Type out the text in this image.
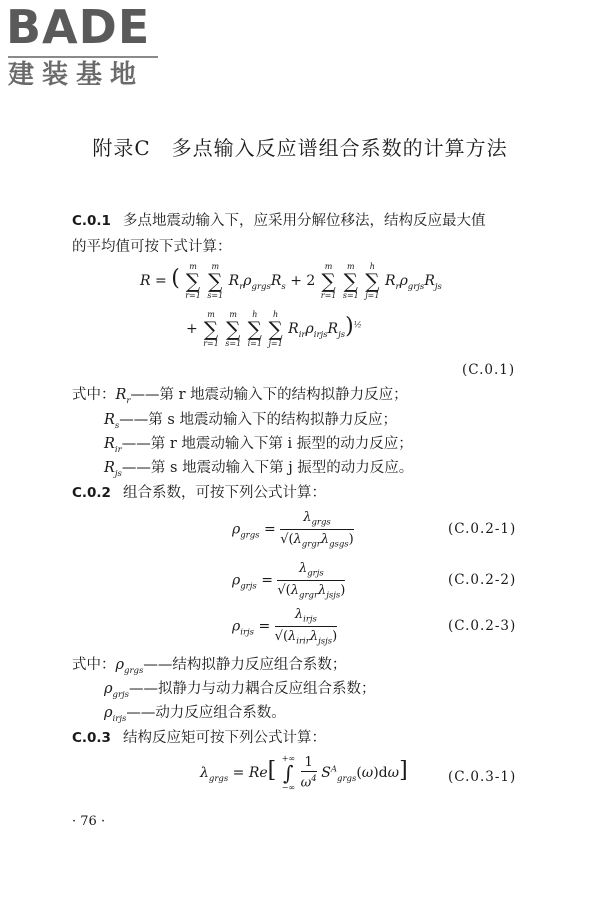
BADE
建装基地
附录C　多点输入反应谱组合系数的计算方法
C.0.1 多点地震动输入下，应采用分解位移法，结构反应最大值
的平均值可按下式计算：
R = (	m
∑
r=1

m
∑
s=1
$R_r\rho_{grgs}R_s + 2$
m
∑
r=1

m
∑
s=1

h
∑
j=1
$R_r\rho_{grjs}R_{js}$
+
m
∑
r=1

m
∑
s=1

h
∑
i=1

h
∑
j=1
$R_{ir}\rho_{irjs}R_{js})^{\frac{1}{2}}$
(C.0.1)
式中：$R_r——$第 r 地震动输入下的结构拟静力反应；
$R_s——$第 s 地震动输入下的结构拟静力反应；
$R_{ir}——$第 r 地震动输入下第 i 振型的动力反应；
$R_{js}——$第 s 地震动输入下第 j 振型的动力反应。
C.0.2 组合系数，可按下列公式计算：
$\rho_{grgs} = \frac{\lambda_{grgs}}{√(\lambda_{grgr}\lambda_{gsgs})}$	(C.0.2-1)
$\rho_{grjs} = \frac{\lambda_{grjs}}{√(\lambda_{grgr}\lambda_{jsjs})}$	(C.0.2-2)
$\rho_{irjs} = \frac{\lambda_{irjs}}{√(\lambda_{irir}\lambda_{jsjs})}$	(C.0.2-3)
式中：$\rho_{grgs}——$结构拟静力反应组合系数；
$\rho_{grjs}——$拟静力与动力耦合反应组合系数；
$\rho_{irjs}——$动力反应组合系数。
C.0.3 结构反应矩可按下列公式计算：
$\lambda_{grgs} = Re$[ +∞
∫
−∞
$\frac{1}{\omega^4} S^A_{grgs}(\omega)d\omega$]	(C.0.3-1)
· 76 ·
